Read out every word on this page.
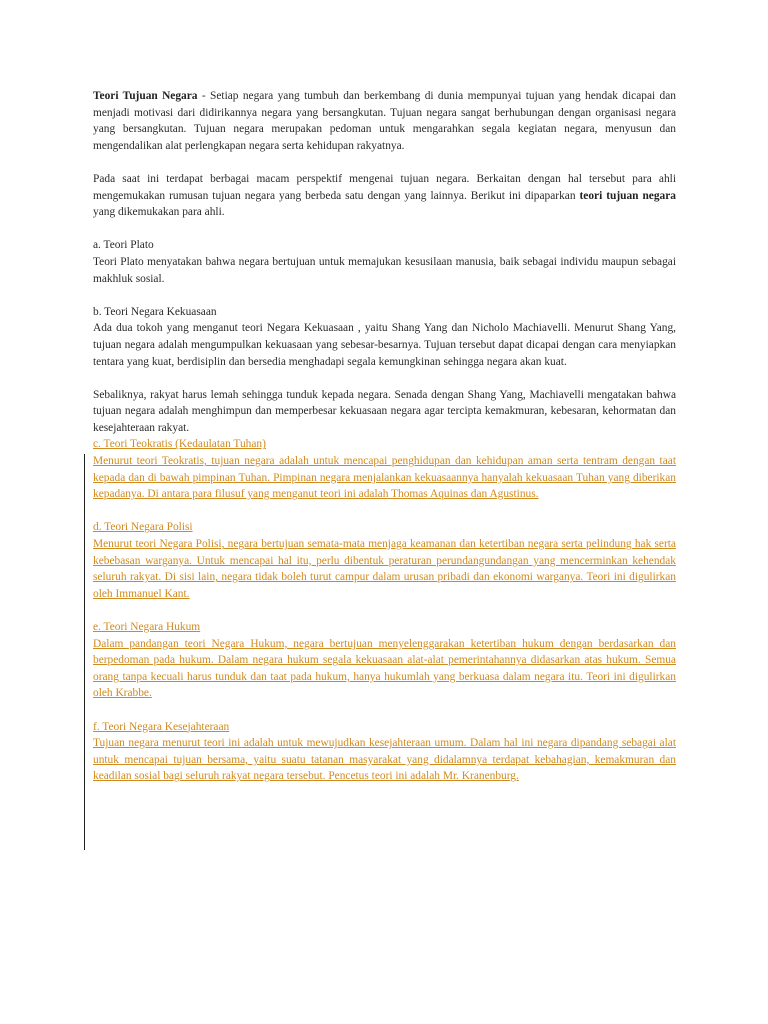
Teori Tujuan Negara - Setiap negara yang tumbuh dan berkembang di dunia mempunyai tujuan yang hendak dicapai dan menjadi motivasi dari didirikannya negara yang bersangkutan. Tujuan negara sangat berhubungan dengan organisasi negara yang bersangkutan. Tujuan negara merupakan pedoman untuk mengarahkan segala kegiatan negara, menyusun dan mengendalikan alat perlengkapan negara serta kehidupan rakyatnya.

Pada saat ini terdapat berbagai macam perspektif mengenai tujuan negara. Berkaitan dengan hal tersebut para ahli mengemukakan rumusan tujuan negara yang berbeda satu dengan yang lainnya. Berikut ini dipaparkan teori tujuan negara yang dikemukakan para ahli.

a. Teori Plato

Teori Plato menyatakan bahwa negara bertujuan untuk memajukan kesusilaan manusia, baik sebagai individu maupun sebagai makhluk sosial.

b. Teori Negara Kekuasaan

Ada dua tokoh yang menganut teori Negara Kekuasaan , yaitu Shang Yang dan Nicholo Machiavelli. Menurut Shang Yang, tujuan negara adalah mengumpulkan kekuasaan yang sebesar-besarnya. Tujuan tersebut dapat dicapai dengan cara menyiapkan tentara yang kuat, berdisiplin dan bersedia menghadapi segala kemungkinan sehingga negara akan kuat.

Sebaliknya, rakyat harus lemah sehingga tunduk kepada negara. Senada dengan Shang Yang, Machiavelli mengatakan bahwa tujuan negara adalah menghimpun dan memperbesar kekuasaan negara agar tercipta kemakmuran, kebesaran, kehormatan dan kesejahteraan rakyat.

c. Teori Teokratis (Kedaulatan Tuhan)

Menurut teori Teokratis, tujuan negara adalah untuk mencapai penghidupan dan kehidupan aman serta tentram dengan taat kepada dan di bawah pimpinan Tuhan. Pimpinan negara menjalankan kekuasaannya hanyalah kekuasaan Tuhan yang diberikan kepadanya. Di antara para filusuf yang menganut teori ini adalah Thomas Aquinas dan Agustinus.

d. Teori Negara Polisi

Menurut teori Negara Polisi, negara bertujuan semata-mata menjaga keamanan dan ketertiban negara serta pelindung hak serta kebebasan warganya. Untuk mencapai hal itu, perlu dibentuk peraturan perundangundangan yang mencerminkan kehendak seluruh rakyat. Di sisi lain, negara tidak boleh turut campur dalam urusan pribadi dan ekonomi warganya. Teori ini digulirkan oleh Immanuel Kant.

e. Teori Negara Hukum

Dalam pandangan teori Negara Hukum, negara bertujuan menyelenggarakan ketertiban hukum dengan berdasarkan dan berpedoman pada hukum. Dalam negara hukum segala kekuasaan alat-alat pemerintahannya didasarkan atas hukum. Semua orang tanpa kecuali harus tunduk dan taat pada hukum, hanya hukumlah yang berkuasa dalam negara itu. Teori ini digulirkan oleh Krabbe.

f. Teori Negara Kesejahteraan

Tujuan negara menurut teori ini adalah untuk mewujudkan kesejahteraan umum. Dalam hal ini negara dipandang sebagai alat untuk mencapai tujuan bersama, yaitu suatu tatanan masyarakat yang didalamnya terdapat kebahagian, kemakmuran dan keadilan sosial bagi seluruh rakyat negara tersebut. Pencetus teori ini adalah Mr. Kranenburg.
